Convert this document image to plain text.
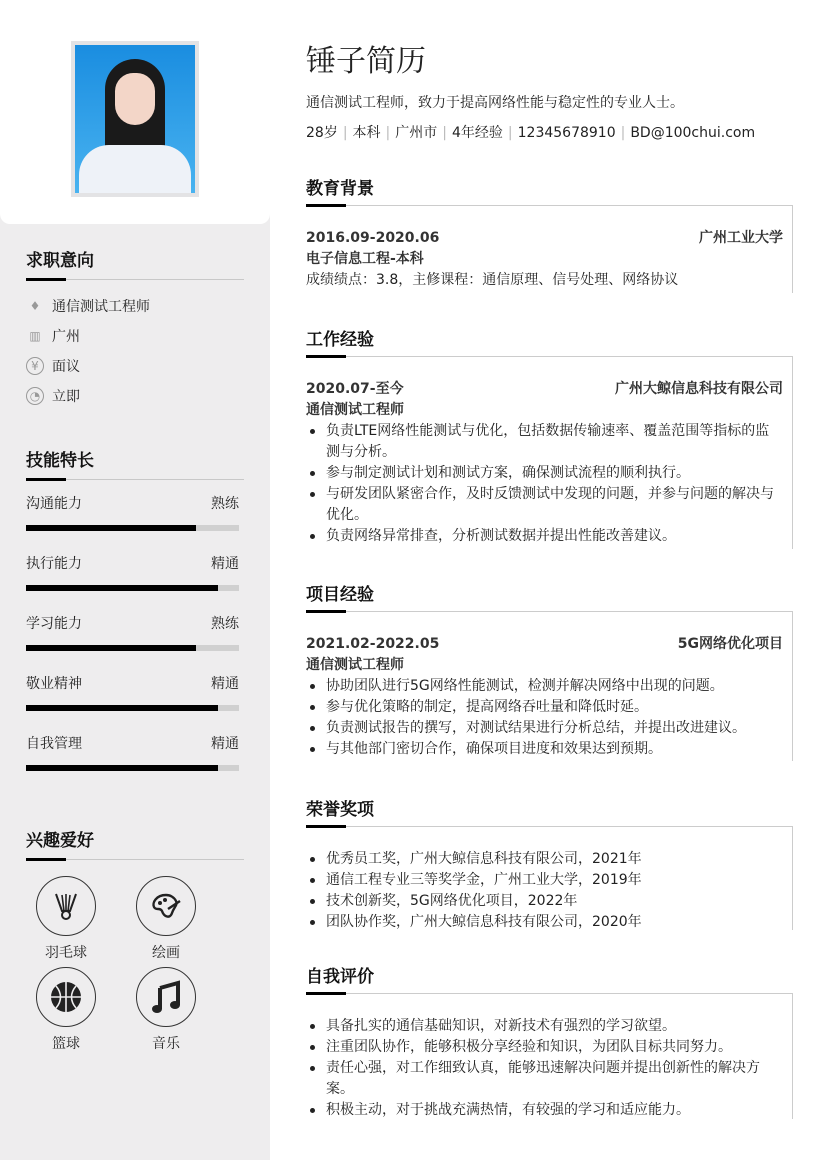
求职意向
♦ 通信测试工程师
▥ 广州
¥ 面议
◔ 立即
技能特长
沟通能力	熟练
执行能力	精通
学习能力	熟练
敬业精神	精通
自我管理	精通
兴趣爱好
羽毛球	绘画
篮球	音乐
锤子简历
通信测试工程师，致力于提高网络性能与稳定性的专业人士。
28岁 | 本科 | 广州市 | 4年经验 | 12345678910 | BD@100chui.com
教育背景
2016.09-2020.06	广州工业大学
电子信息工程-本科
成绩绩点：3.8，主修课程：通信原理、信号处理、网络协议
工作经验
2020.07-至今	广州大鲸信息科技有限公司
通信测试工程师
负责LTE网络性能测试与优化，包括数据传输速率、覆盖范围等指标的监测与分析。
参与制定测试计划和测试方案，确保测试流程的顺利执行。
与研发团队紧密合作，及时反馈测试中发现的问题，并参与问题的解决与优化。
负责网络异常排查，分析测试数据并提出性能改善建议。
项目经验
2021.02-2022.05	5G网络优化项目
通信测试工程师
协助团队进行5G网络性能测试，检测并解决网络中出现的问题。
参与优化策略的制定，提高网络吞吐量和降低时延。
负责测试报告的撰写，对测试结果进行分析总结，并提出改进建议。
与其他部门密切合作，确保项目进度和效果达到预期。
荣誉奖项
优秀员工奖，广州大鲸信息科技有限公司，2021年
通信工程专业三等奖学金，广州工业大学，2019年
技术创新奖，5G网络优化项目，2022年
团队协作奖，广州大鲸信息科技有限公司，2020年
自我评价
具备扎实的通信基础知识，对新技术有强烈的学习欲望。
注重团队协作，能够积极分享经验和知识，为团队目标共同努力。
责任心强，对工作细致认真，能够迅速解决问题并提出创新性的解决方案。
积极主动，对于挑战充满热情，有较强的学习和适应能力。
